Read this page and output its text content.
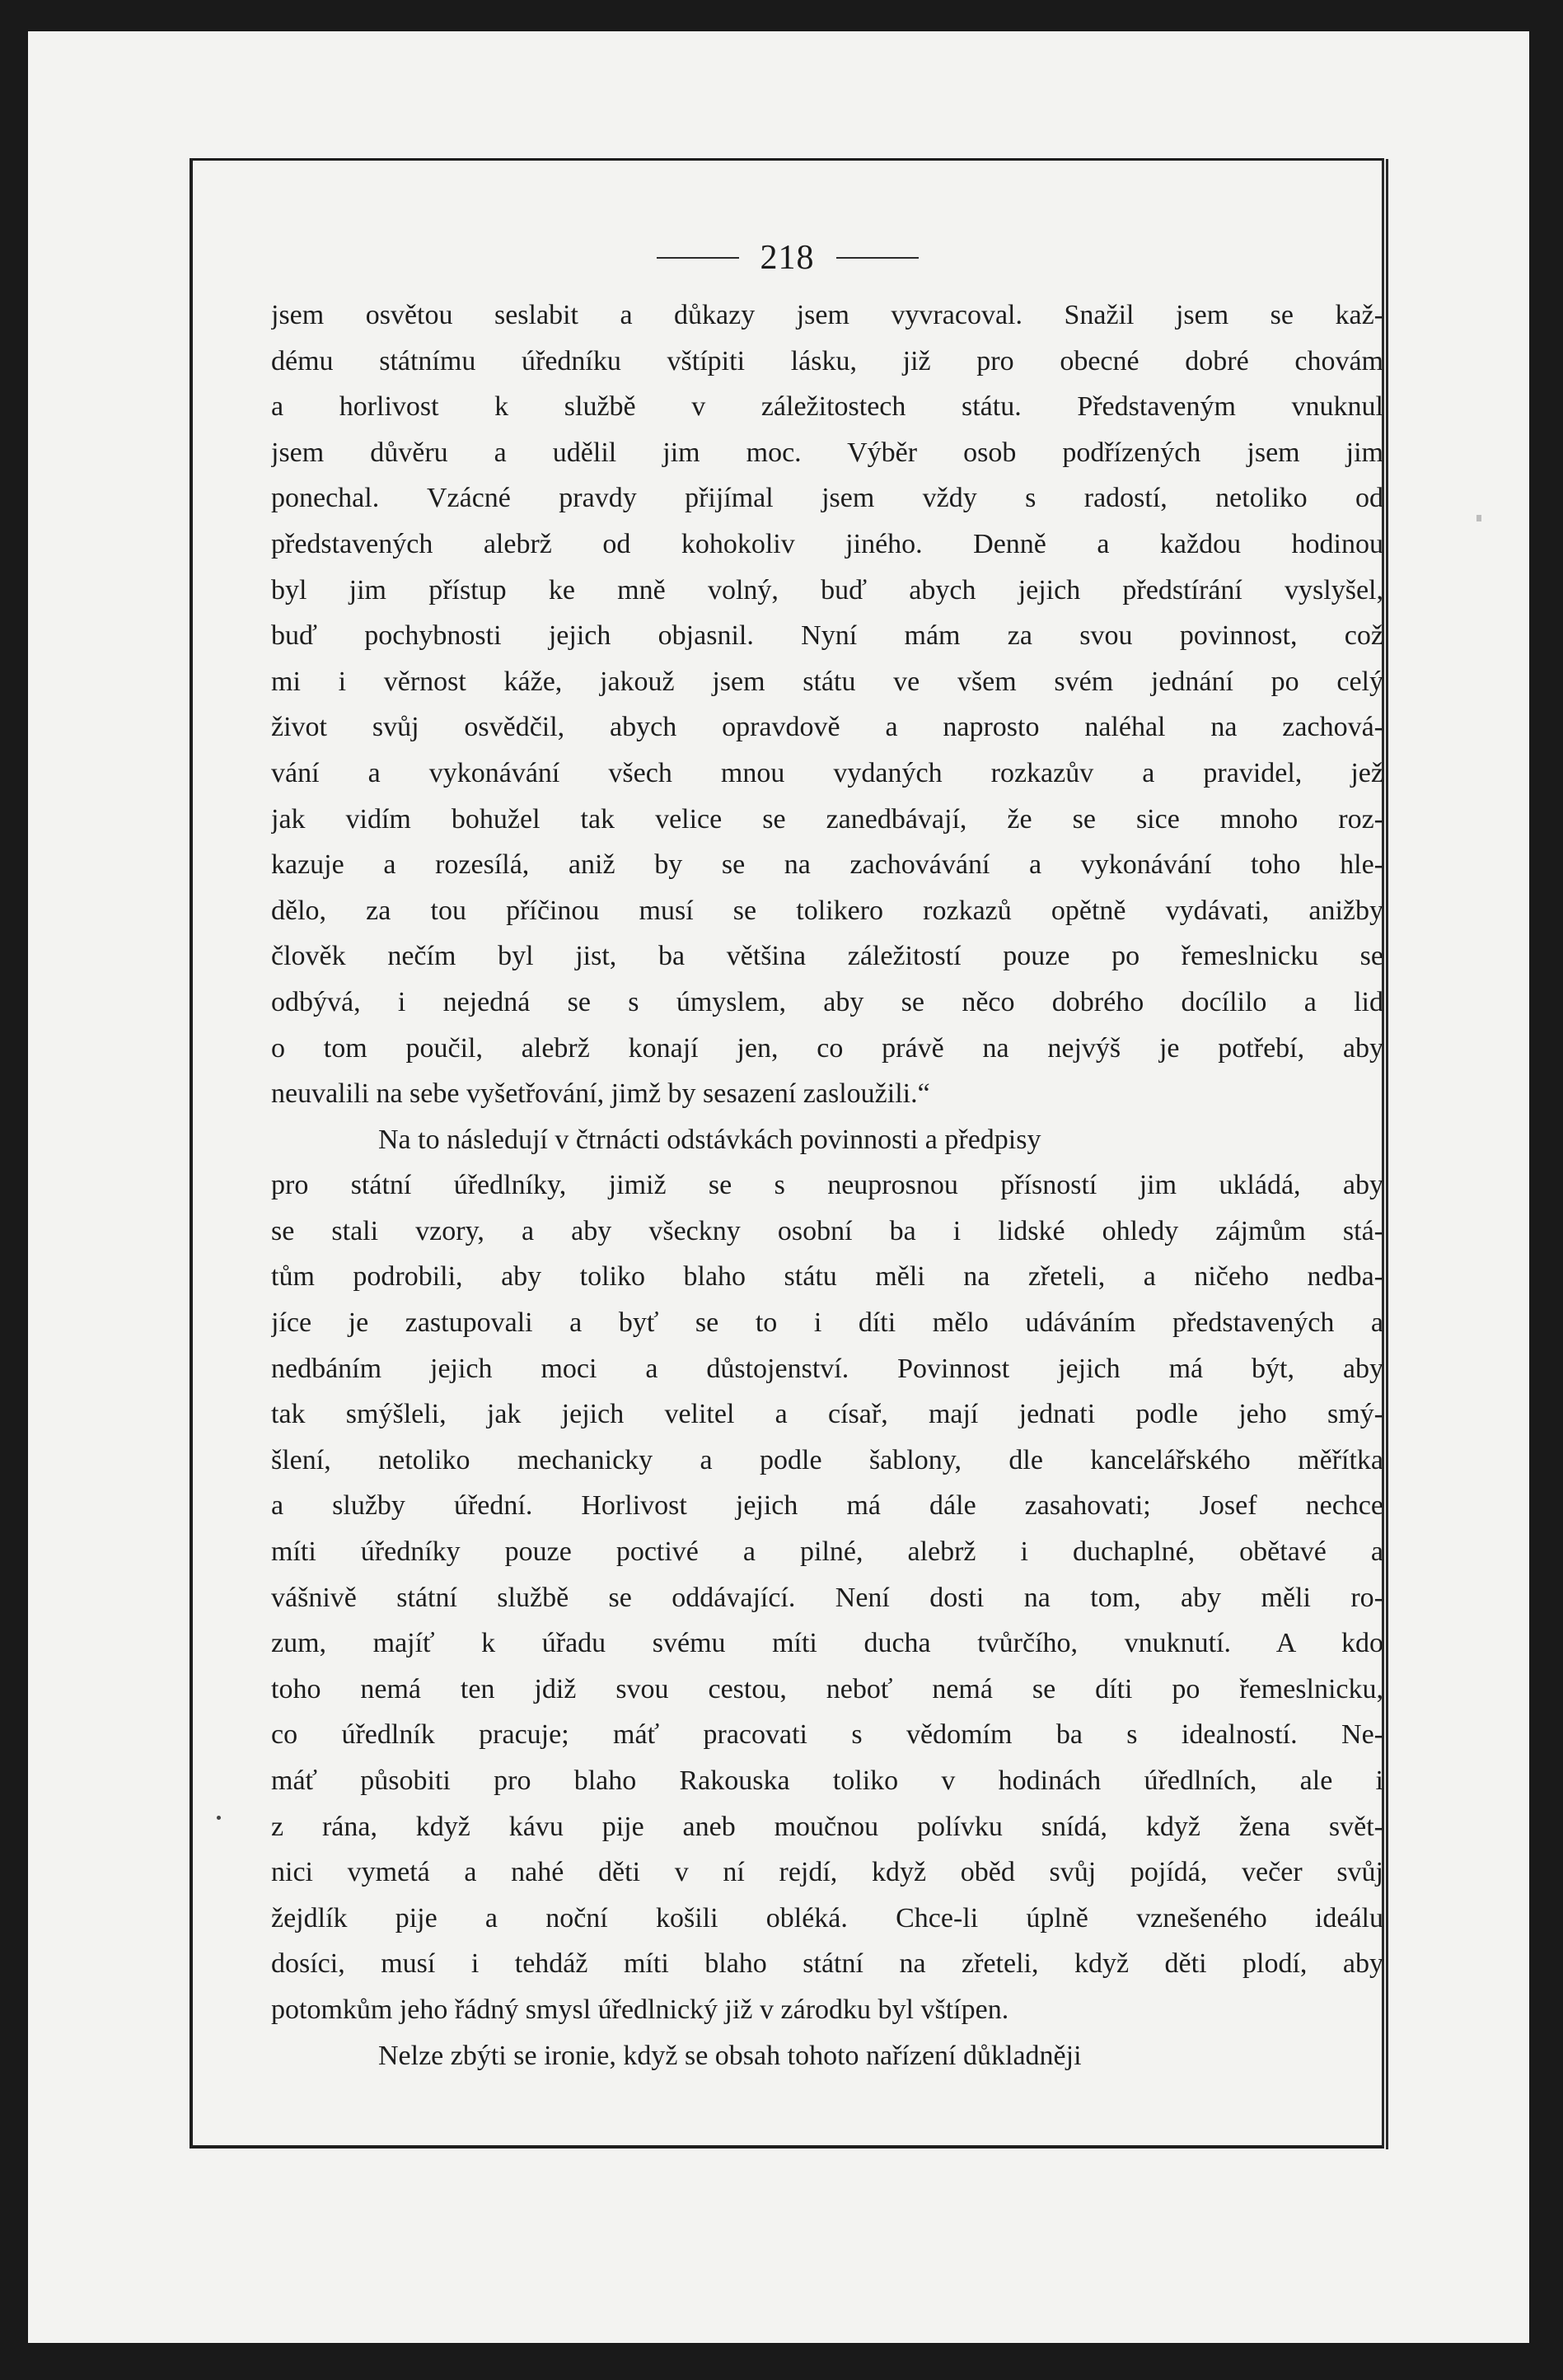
218
jsem osvětou seslabit a důkazy jsem vyvracoval. Snažil jsem se kaž-
dému státnímu úředníku vštípiti lásku, již pro obecné dobré chovám
a horlivost k službě v záležitostech státu. Představeným vnuknul
jsem důvěru a udělil jim moc. Výběr osob podřízených jsem jim
ponechal. Vzácné pravdy přijímal jsem vždy s radostí, netoliko od
představených alebrž od kohokoliv jiného. Denně a každou hodinou
byl jim přístup ke mně volný, buď abych jejich předstírání vyslyšel,
buď pochybnosti jejich objasnil. Nyní mám za svou povinnost, což
mi i věrnost káže, jakouž jsem státu ve všem svém jednání po celý
život svůj osvědčil, abych opravdově a naprosto naléhal na zachová-
vání a vykonávání všech mnou vydaných rozkazův a pravidel, jež
jak vidím bohužel tak velice se zanedbávají, že se sice mnoho roz-
kazuje a rozesílá, aniž by se na zachovávání a vykonávání toho hle-
dělo, za tou příčinou musí se tolikero rozkazů opětně vydávati, anižby
člověk nečím byl jist, ba většina záležitostí pouze po řemeslnicku se
odbývá, i nejedná se s úmyslem, aby se něco dobrého docílilo a lid
o tom poučil, alebrž konají jen, co právě na nejvýš je potřebí, aby
neuvalili na sebe vyšetřování, jimž by sesazení zasloužili.“
Na to následují v čtrnácti odstávkách povinnosti a předpisy
pro státní úředlníky, jimiž se s neuprosnou přísností jim ukládá, aby
se stali vzory, a aby všeckny osobní ba i lidské ohledy zájmům stá-
tům podrobili, aby toliko blaho státu měli na zřeteli, a ničeho nedba-
jíce je zastupovali a byť se to i díti mělo udáváním představených a
nedbáním jejich moci a důstojenství. Povinnost jejich má být, aby
tak smýšleli, jak jejich velitel a císař, mají jednati podle jeho smý-
šlení, netoliko mechanicky a podle šablony, dle kancelářského měřítka
a služby úřední. Horlivost jejich má dále zasahovati; Josef nechce
míti úředníky pouze poctivé a pilné, alebrž i duchaplné, obětavé a
vášnivě státní službě se oddávající. Není dosti na tom, aby měli ro-
zum, majíť k úřadu svému míti ducha tvůrčího, vnuknutí. A kdo
toho nemá ten jdiž svou cestou, neboť nemá se díti po řemeslnicku,
co úředlník pracuje; máť pracovati s vědomím ba s idealností. Ne-
máť působiti pro blaho Rakouska toliko v hodinách úředlních, ale i
z rána, když kávu pije aneb moučnou polívku snídá, když žena svět-
nici vymetá a nahé děti v ní rejdí, když oběd svůj pojídá, večer svůj
žejdlík pije a noční košili obléká. Chce-li úplně vznešeného ideálu
dosíci, musí i tehdáž míti blaho státní na zřeteli, když děti plodí, aby
potomkům jeho řádný smysl úředlnický již v zárodku byl vštípen.
Nelze zbýti se ironie, když se obsah tohoto nařízení důkladněji
